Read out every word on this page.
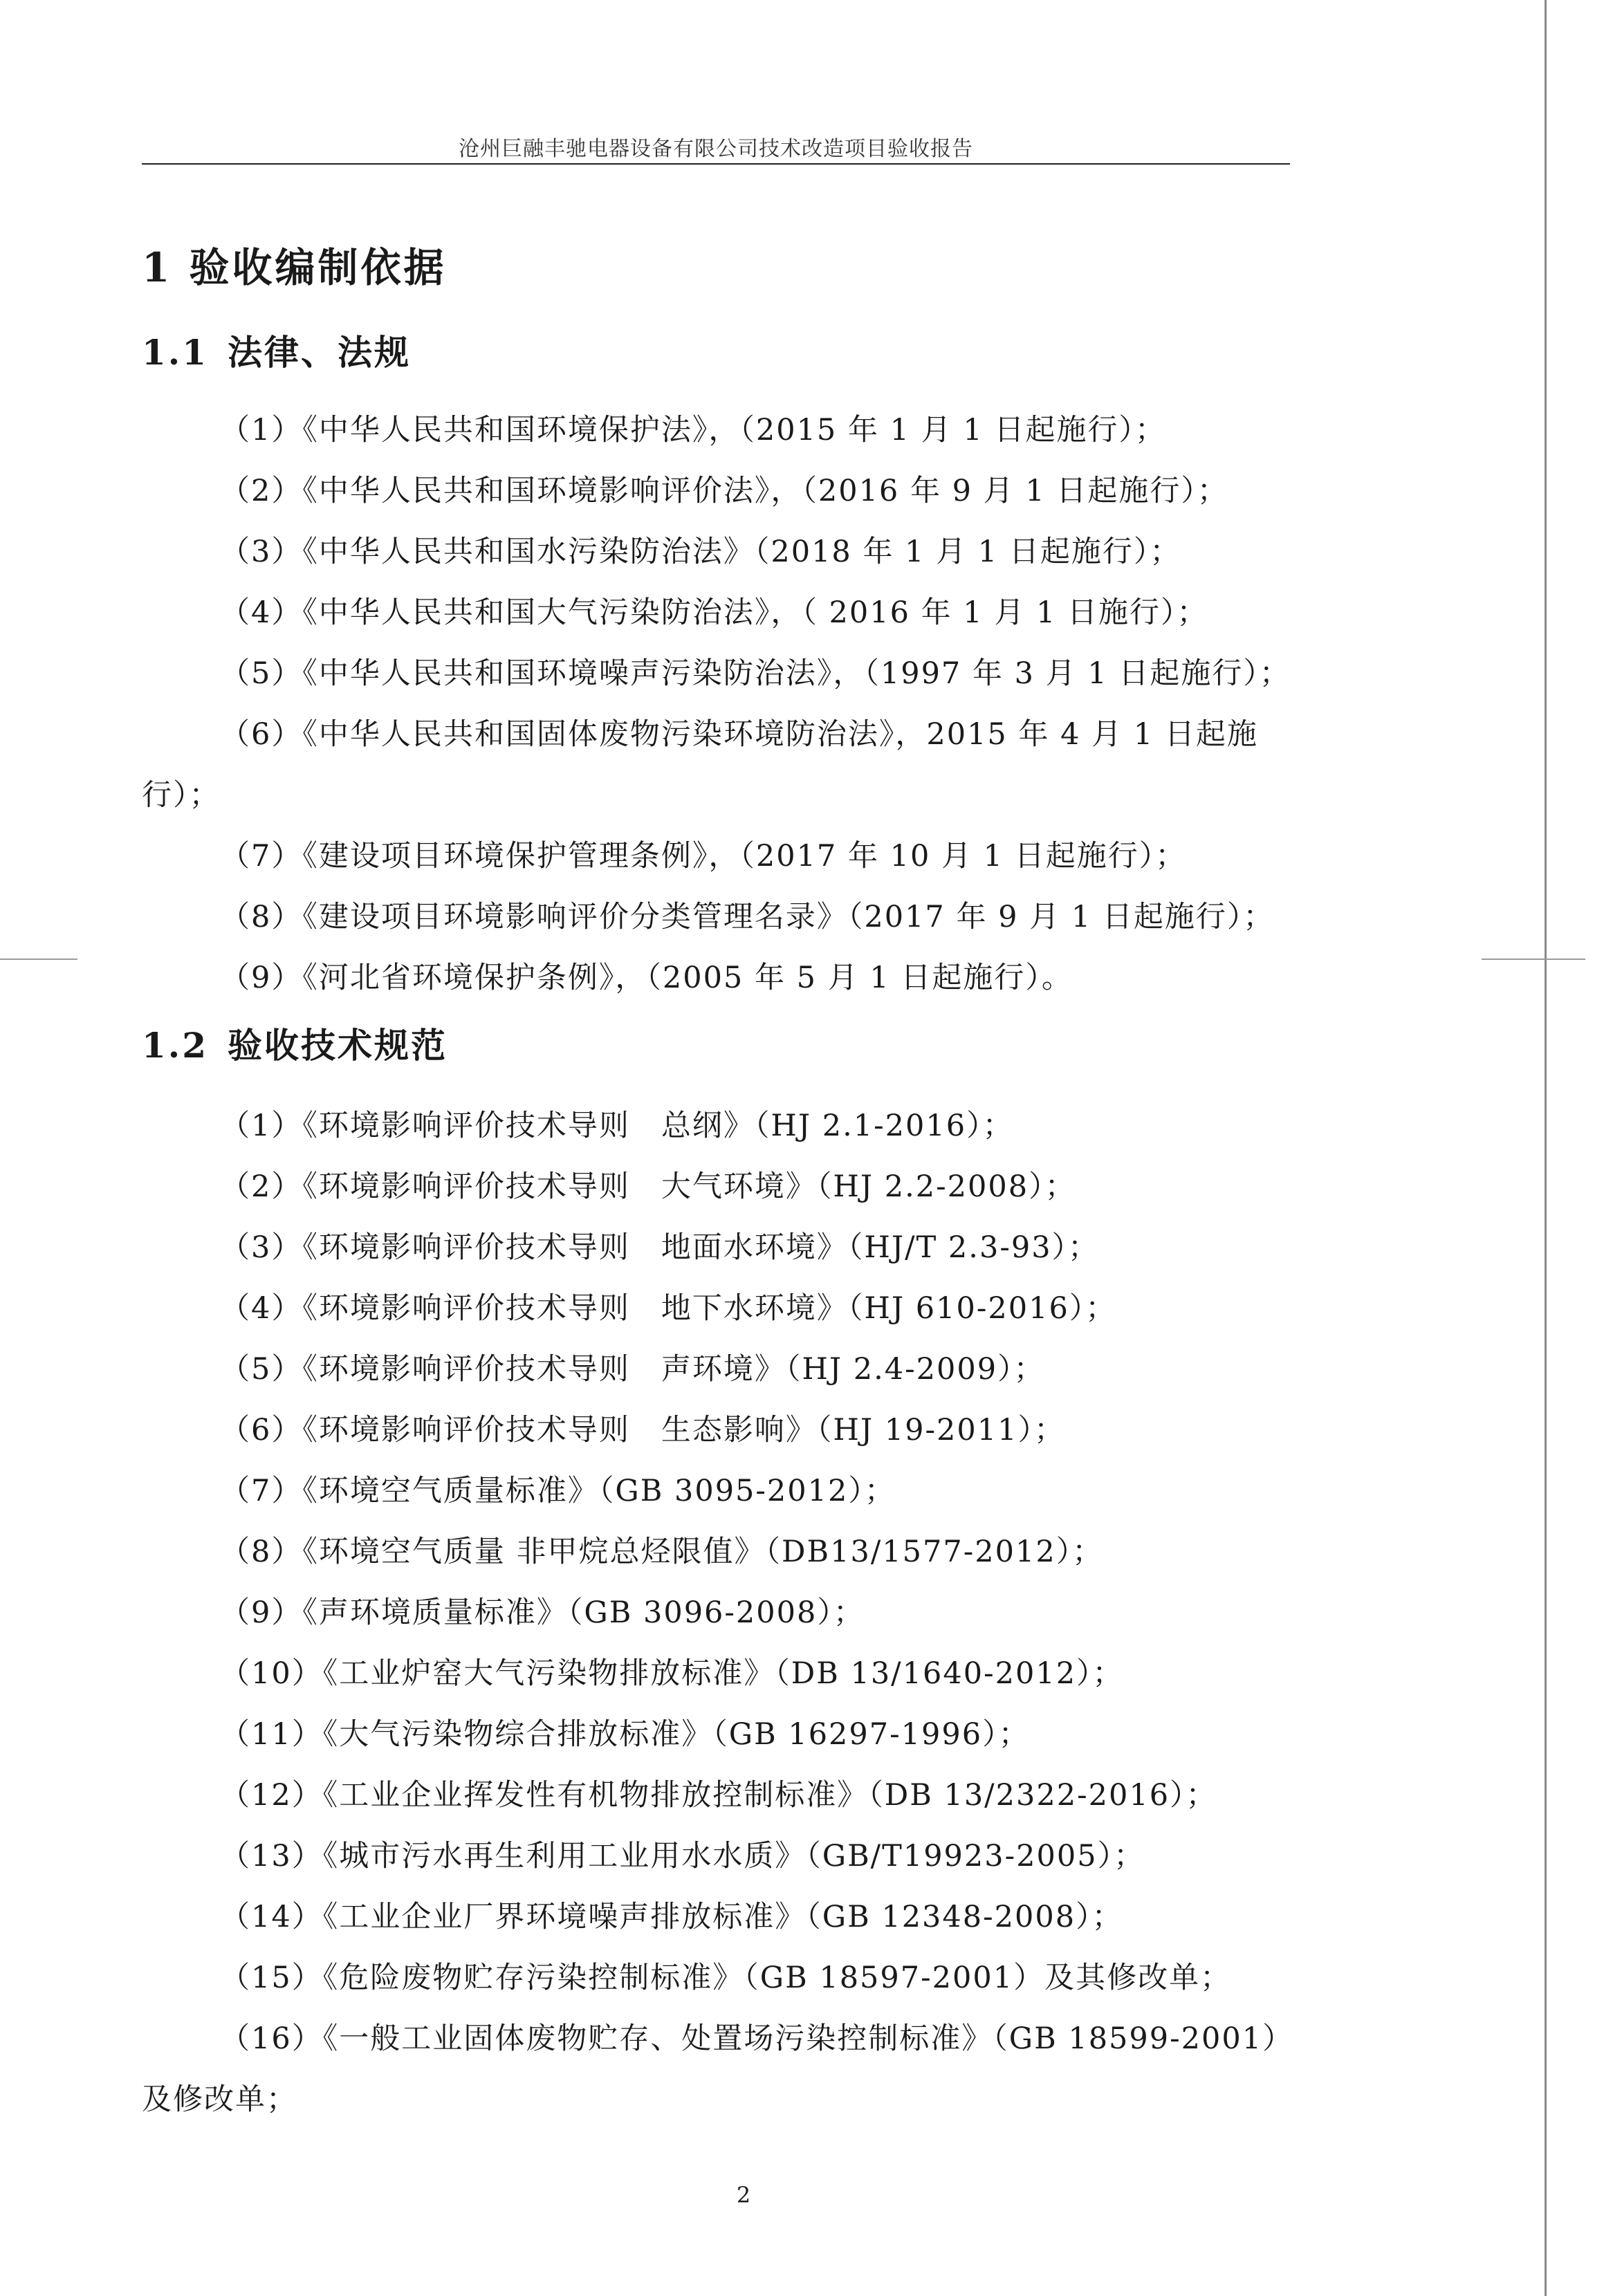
沧州巨融丰驰电器设备有限公司技术改造项目验收报告
1 验收编制依据
1.1 法律、法规
（1）《中华人民共和国环境保护法》，（2015 年 1 月 1 日起施行）；
（2）《中华人民共和国环境影响评价法》，（2016 年 9 月 1 日起施行）；
（3）《中华人民共和国水污染防治法》（2018 年 1 月 1 日起施行）；
（4）《中华人民共和国大气污染防治法》，（ 2016 年 1 月 1 日施行）；
（5）《中华人民共和国环境噪声污染防治法》，（1997 年 3 月 1 日起施行）；
（6）《中华人民共和国固体废物污染环境防治法》，2015 年 4 月 1 日起施
行）；
（7）《建设项目环境保护管理条例》，（2017 年 10 月 1 日起施行）；
（8）《建设项目环境影响评价分类管理名录》（2017 年 9 月 1 日起施行）；
（9）《河北省环境保护条例》，（2005 年 5 月 1 日起施行）。
1.2 验收技术规范
（1）《环境影响评价技术导则　总纲》（HJ 2.1-2016）；
（2）《环境影响评价技术导则　大气环境》（HJ 2.2-2008）；
（3）《环境影响评价技术导则　地面水环境》（HJ/T 2.3-93）；
（4）《环境影响评价技术导则　地下水环境》（HJ 610-2016）；
（5）《环境影响评价技术导则　声环境》（HJ 2.4-2009）；
（6）《环境影响评价技术导则　生态影响》（HJ 19-2011）；
（7）《环境空气质量标准》（GB 3095-2012）；
（8）《环境空气质量 非甲烷总烃限值》（DB13/1577-2012）；
（9）《声环境质量标准》（GB 3096-2008）；
（10）《工业炉窑大气污染物排放标准》（DB 13/1640-2012）；
（11）《大气污染物综合排放标准》（GB 16297-1996）；
（12）《工业企业挥发性有机物排放控制标准》（DB 13/2322-2016）；
（13）《城市污水再生利用工业用水水质》（GB/T19923-2005）；
（14）《工业企业厂界环境噪声排放标准》（GB 12348-2008）；
（15）《危险废物贮存污染控制标准》（GB 18597-2001）及其修改单；
（16）《一般工业固体废物贮存、处置场污染控制标准》（GB 18599-2001）
及修改单；
2
